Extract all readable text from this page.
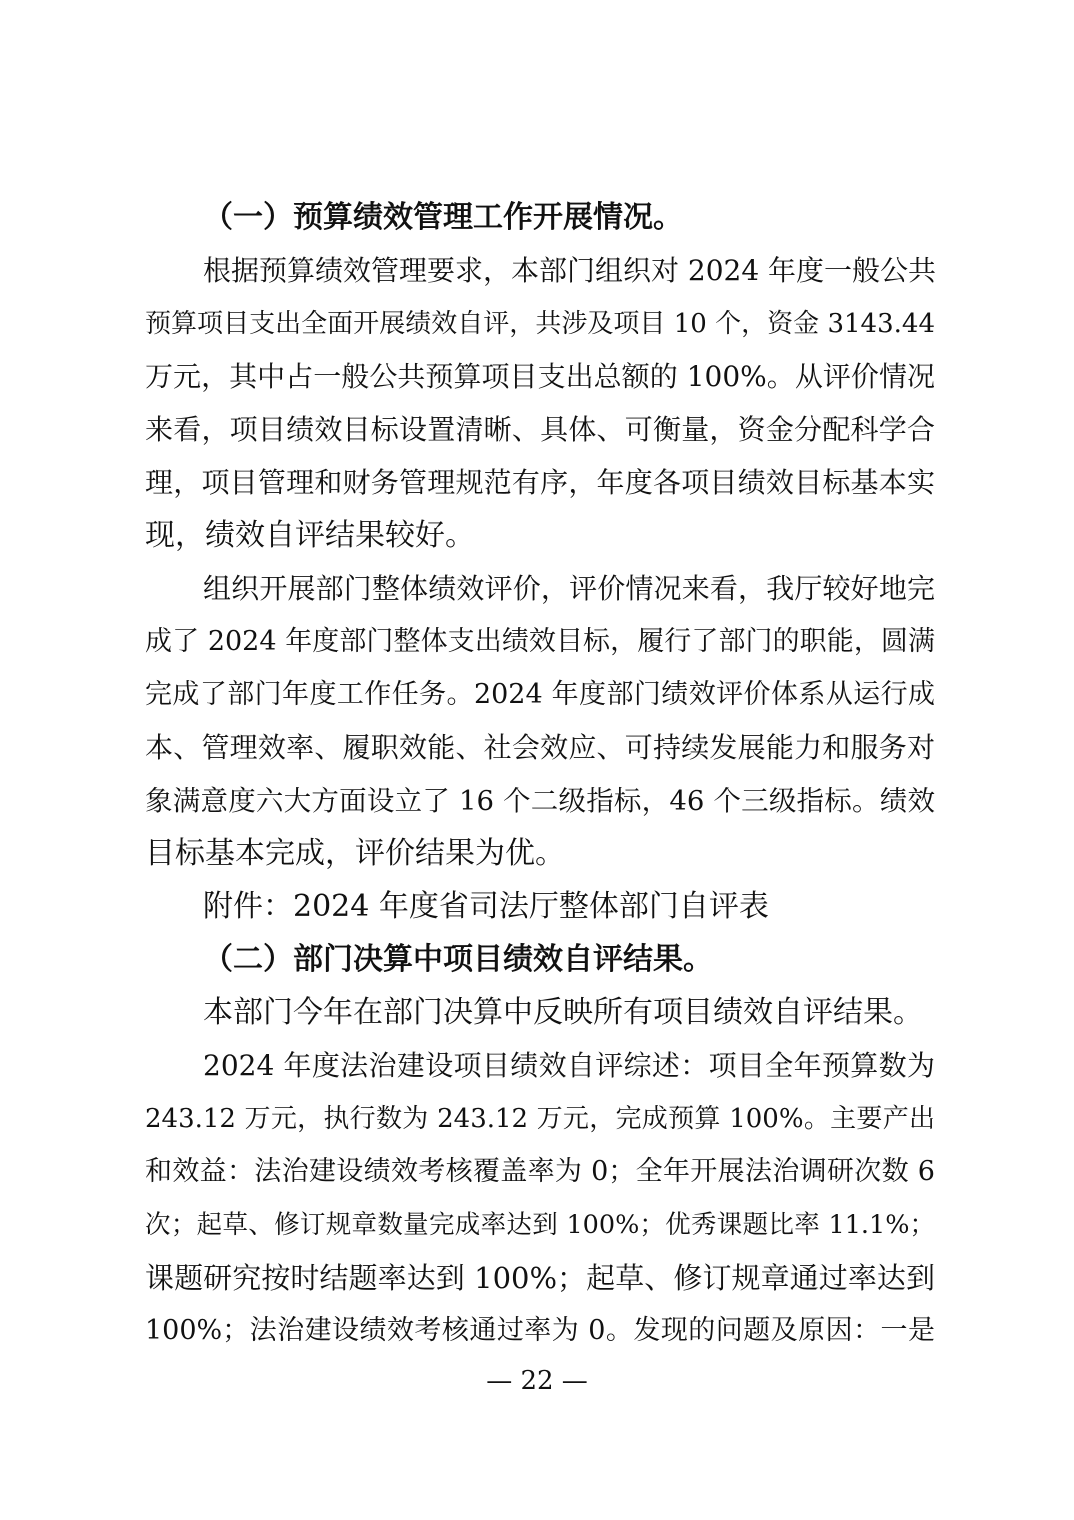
（一）预算绩效管理工作开展情况。
根据预算绩效管理要求，本部门组织对 2024 年度一般公共
预算项目支出全面开展绩效自评，共涉及项目 10 个，资金 3143.44
万元，其中占一般公共预算项目支出总额的 100%。从评价情况
来看，项目绩效目标设置清晰、具体、可衡量，资金分配科学合
理，项目管理和财务管理规范有序，年度各项目绩效目标基本实
现，绩效自评结果较好。
组织开展部门整体绩效评价，评价情况来看，我厅较好地完
成了 2024 年度部门整体支出绩效目标，履行了部门的职能，圆满
完成了部门年度工作任务。2024 年度部门绩效评价体系从运行成
本、管理效率、履职效能、社会效应、可持续发展能力和服务对
象满意度六大方面设立了 16 个二级指标，46 个三级指标。绩效
目标基本完成，评价结果为优。
附件：2024 年度省司法厅整体部门自评表
（二）部门决算中项目绩效自评结果。
本部门今年在部门决算中反映所有项目绩效自评结果。
2024 年度法治建设项目绩效自评综述：项目全年预算数为
243.12 万元，执行数为 243.12 万元，完成预算 100%。主要产出
和效益：法治建设绩效考核覆盖率为 0；全年开展法治调研次数 6
次；起草、修订规章数量完成率达到 100%；优秀课题比率 11.1%；
课题研究按时结题率达到 100%；起草、修订规章通过率达到
100%；法治建设绩效考核通过率为 0。发现的问题及原因：一是
— 22 —
